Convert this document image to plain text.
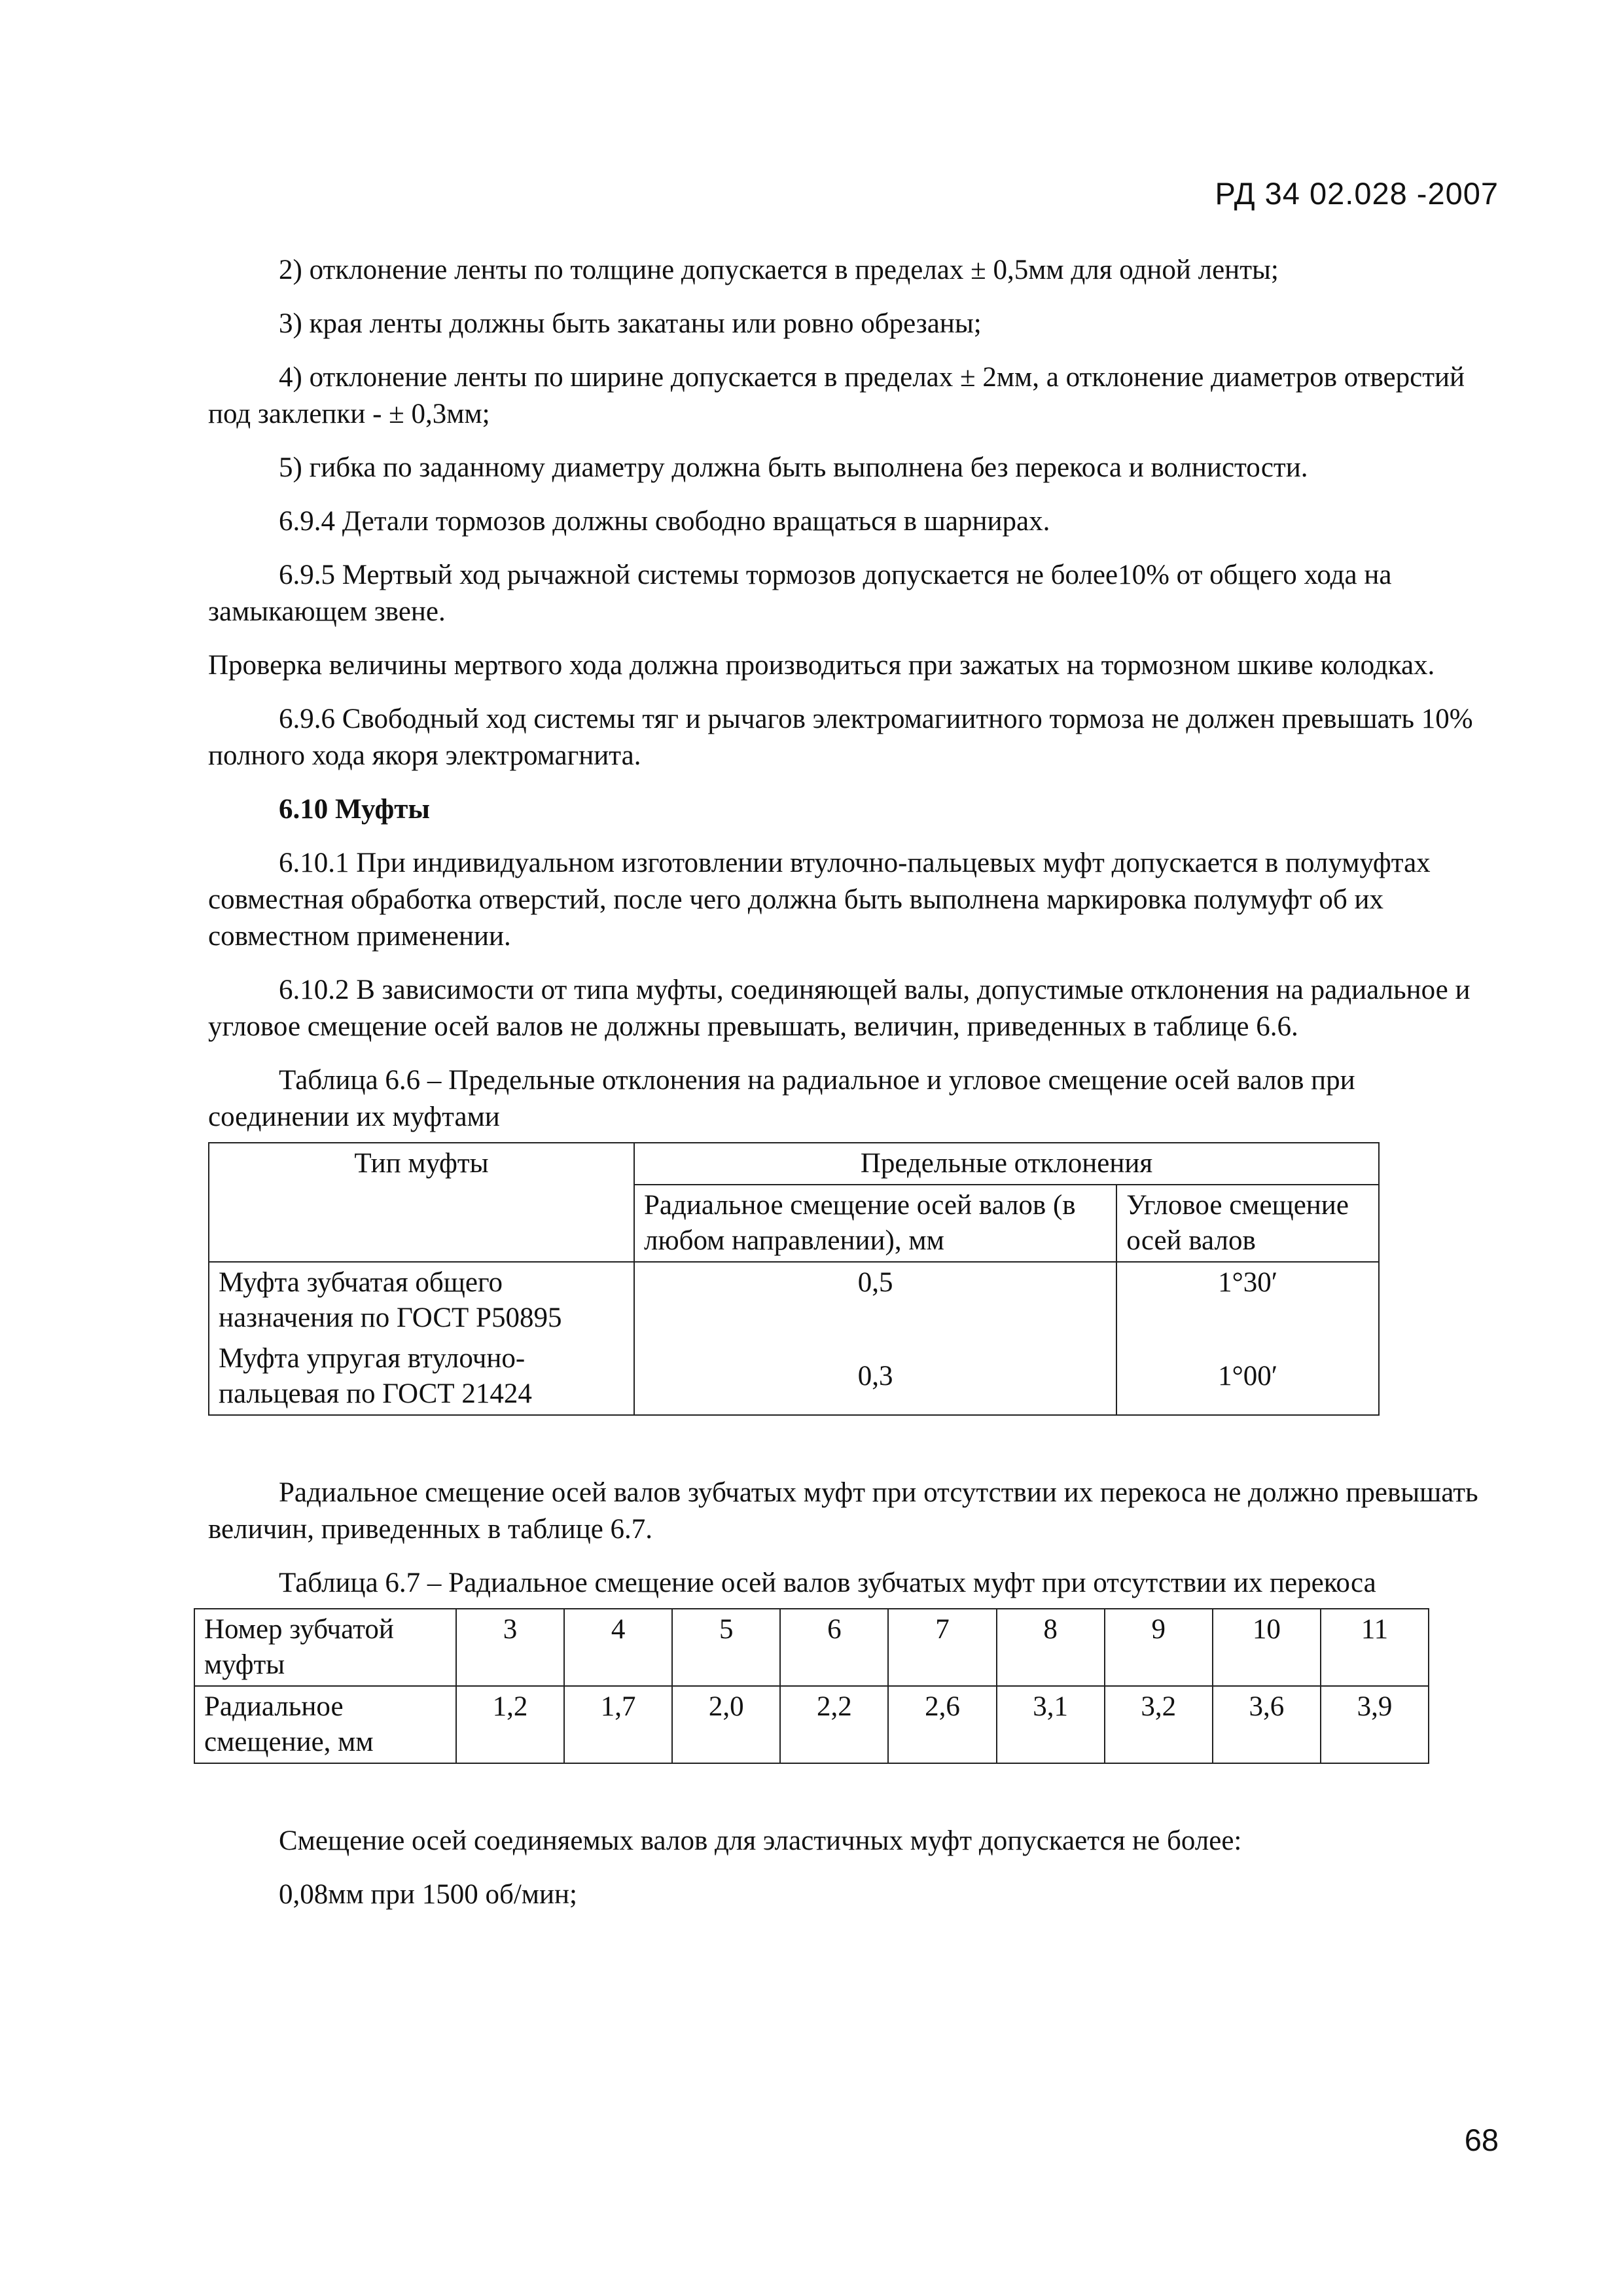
РД 34 02.028 -2007

2) отклонение ленты по толщине допускается в пределах ± 0,5мм для одной ленты;

3) края ленты должны быть закатаны или ровно обрезаны;

4) отклонение ленты по ширине допускается в пределах ± 2мм, а отклонение диаметров отверстий под заклепки - ± 0,3мм;

5) гибка по заданному диаметру должна быть выполнена без перекоса и волнистости.

6.9.4 Детали тормозов должны свободно вращаться в шарнирах.

6.9.5 Мертвый ход рычажной системы тормозов допускается не более10% от общего хода на замыкающем звене.

Проверка величины мертвого хода должна производиться при зажатых на тормозном шкиве колодках.

6.9.6 Свободный ход системы тяг и рычагов электромагиитного тормоза не должен превышать 10% полного хода якоря электромагнита.

6.10 Муфты

6.10.1 При индивидуальном изготовлении втулочно-пальцевых муфт допускается в полумуфтах совместная обработка отверстий, после чего должна быть выполнена маркировка полумуфт об их совместном применении.

6.10.2 В зависимости от типа муфты, соединяющей валы, допустимые отклонения на радиальное и угловое смещение осей валов не должны превышать, величин, приведенных в таблице 6.6.

Таблица 6.6 – Предельные отклонения на радиальное и угловое смещение осей валов при соединении их муфтами

Тип муфты	Предельные отклонения	
	Радиальное смещение осей валов (в любом направлении), мм	Угловое смещение осей валов
Муфта зубчатая общего назначения по ГОСТ Р50895	0,5	1°30′
Муфта упругая втулочно-пальцевая по ГОСТ 21424	0,3	1°00′

Радиальное смещение осей валов зубчатых муфт при отсутствии их перекоса не должно превышать величин, приведенных в таблице 6.7.

Таблица 6.7 – Радиальное смещение осей валов зубчатых муфт при отсутствии их перекоса

Номер зубчатой муфты	3	4	5	6	7	8	9	10	11
Радиальное смещение, мм	1,2	1,7	2,0	2,2	2,6	3,1	3,2	3,6	3,9

Смещение осей соединяемых валов для эластичных муфт допускается не более:

0,08мм при 1500 об/мин;

68
